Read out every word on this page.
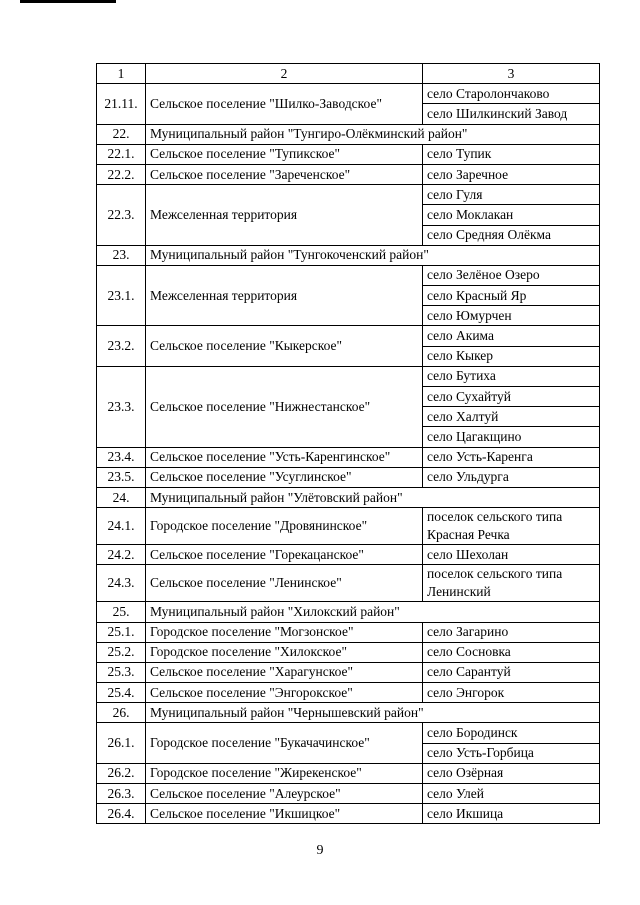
1	2	3
21.11.	Сельское поселение "Шилко-Заводское"	село Старолончаково
		село Шилкинский Завод
22.	Муниципальный район "Тунгиро-Олёкминский район"	
22.1.	Сельское поселение "Тупикское"	село Тупик
22.2.	Сельское поселение "Зареченское"	село Заречное
22.3.	Межселенная территория	село Гуля
		село Моклакан
		село Средняя Олёкма
23.	Муниципальный район "Тунгокоченский район"	
23.1.	Межселенная территория	село Зелёное Озеро
		село Красный Яр
		село Юмурчен
23.2.	Сельское поселение "Кыкерское"	село Акима
		село Кыкер
23.3.	Сельское поселение "Нижнестанское"	село Бутиха
		село Сухайтуй
		село Халтуй
		село Цагакщино
23.4.	Сельское поселение "Усть-Каренгинское"	село Усть-Каренга
23.5.	Сельское поселение "Усуглинское"	село Ульдурга
24.	Муниципальный район "Улётовский район"	
24.1.	Городское поселение "Дровянинское"	поселок сельского типа Красная Речка
24.2.	Сельское поселение "Горекацанское"	село Шехолан
24.3.	Сельское поселение "Ленинское"	поселок сельского типа Ленинский
25.	Муниципальный район "Хилокский район"	
25.1.	Городское поселение "Могзонское"	село Загарино
25.2.	Городское поселение "Хилокское"	село Сосновка
25.3.	Сельское поселение "Харагунское"	село Сарантуй
25.4.	Сельское поселение "Энгорокское"	село Энгорок
26.	Муниципальный район "Чернышевский район"	
26.1.	Городское поселение "Букачачинское"	село Бородинск
		село Усть-Горбица
26.2.	Городское поселение "Жирекенское"	село Озёрная
26.3.	Сельское поселение "Алеурское"	село Улей
26.4.	Сельское поселение "Икшицкое"	село Икшица
9
